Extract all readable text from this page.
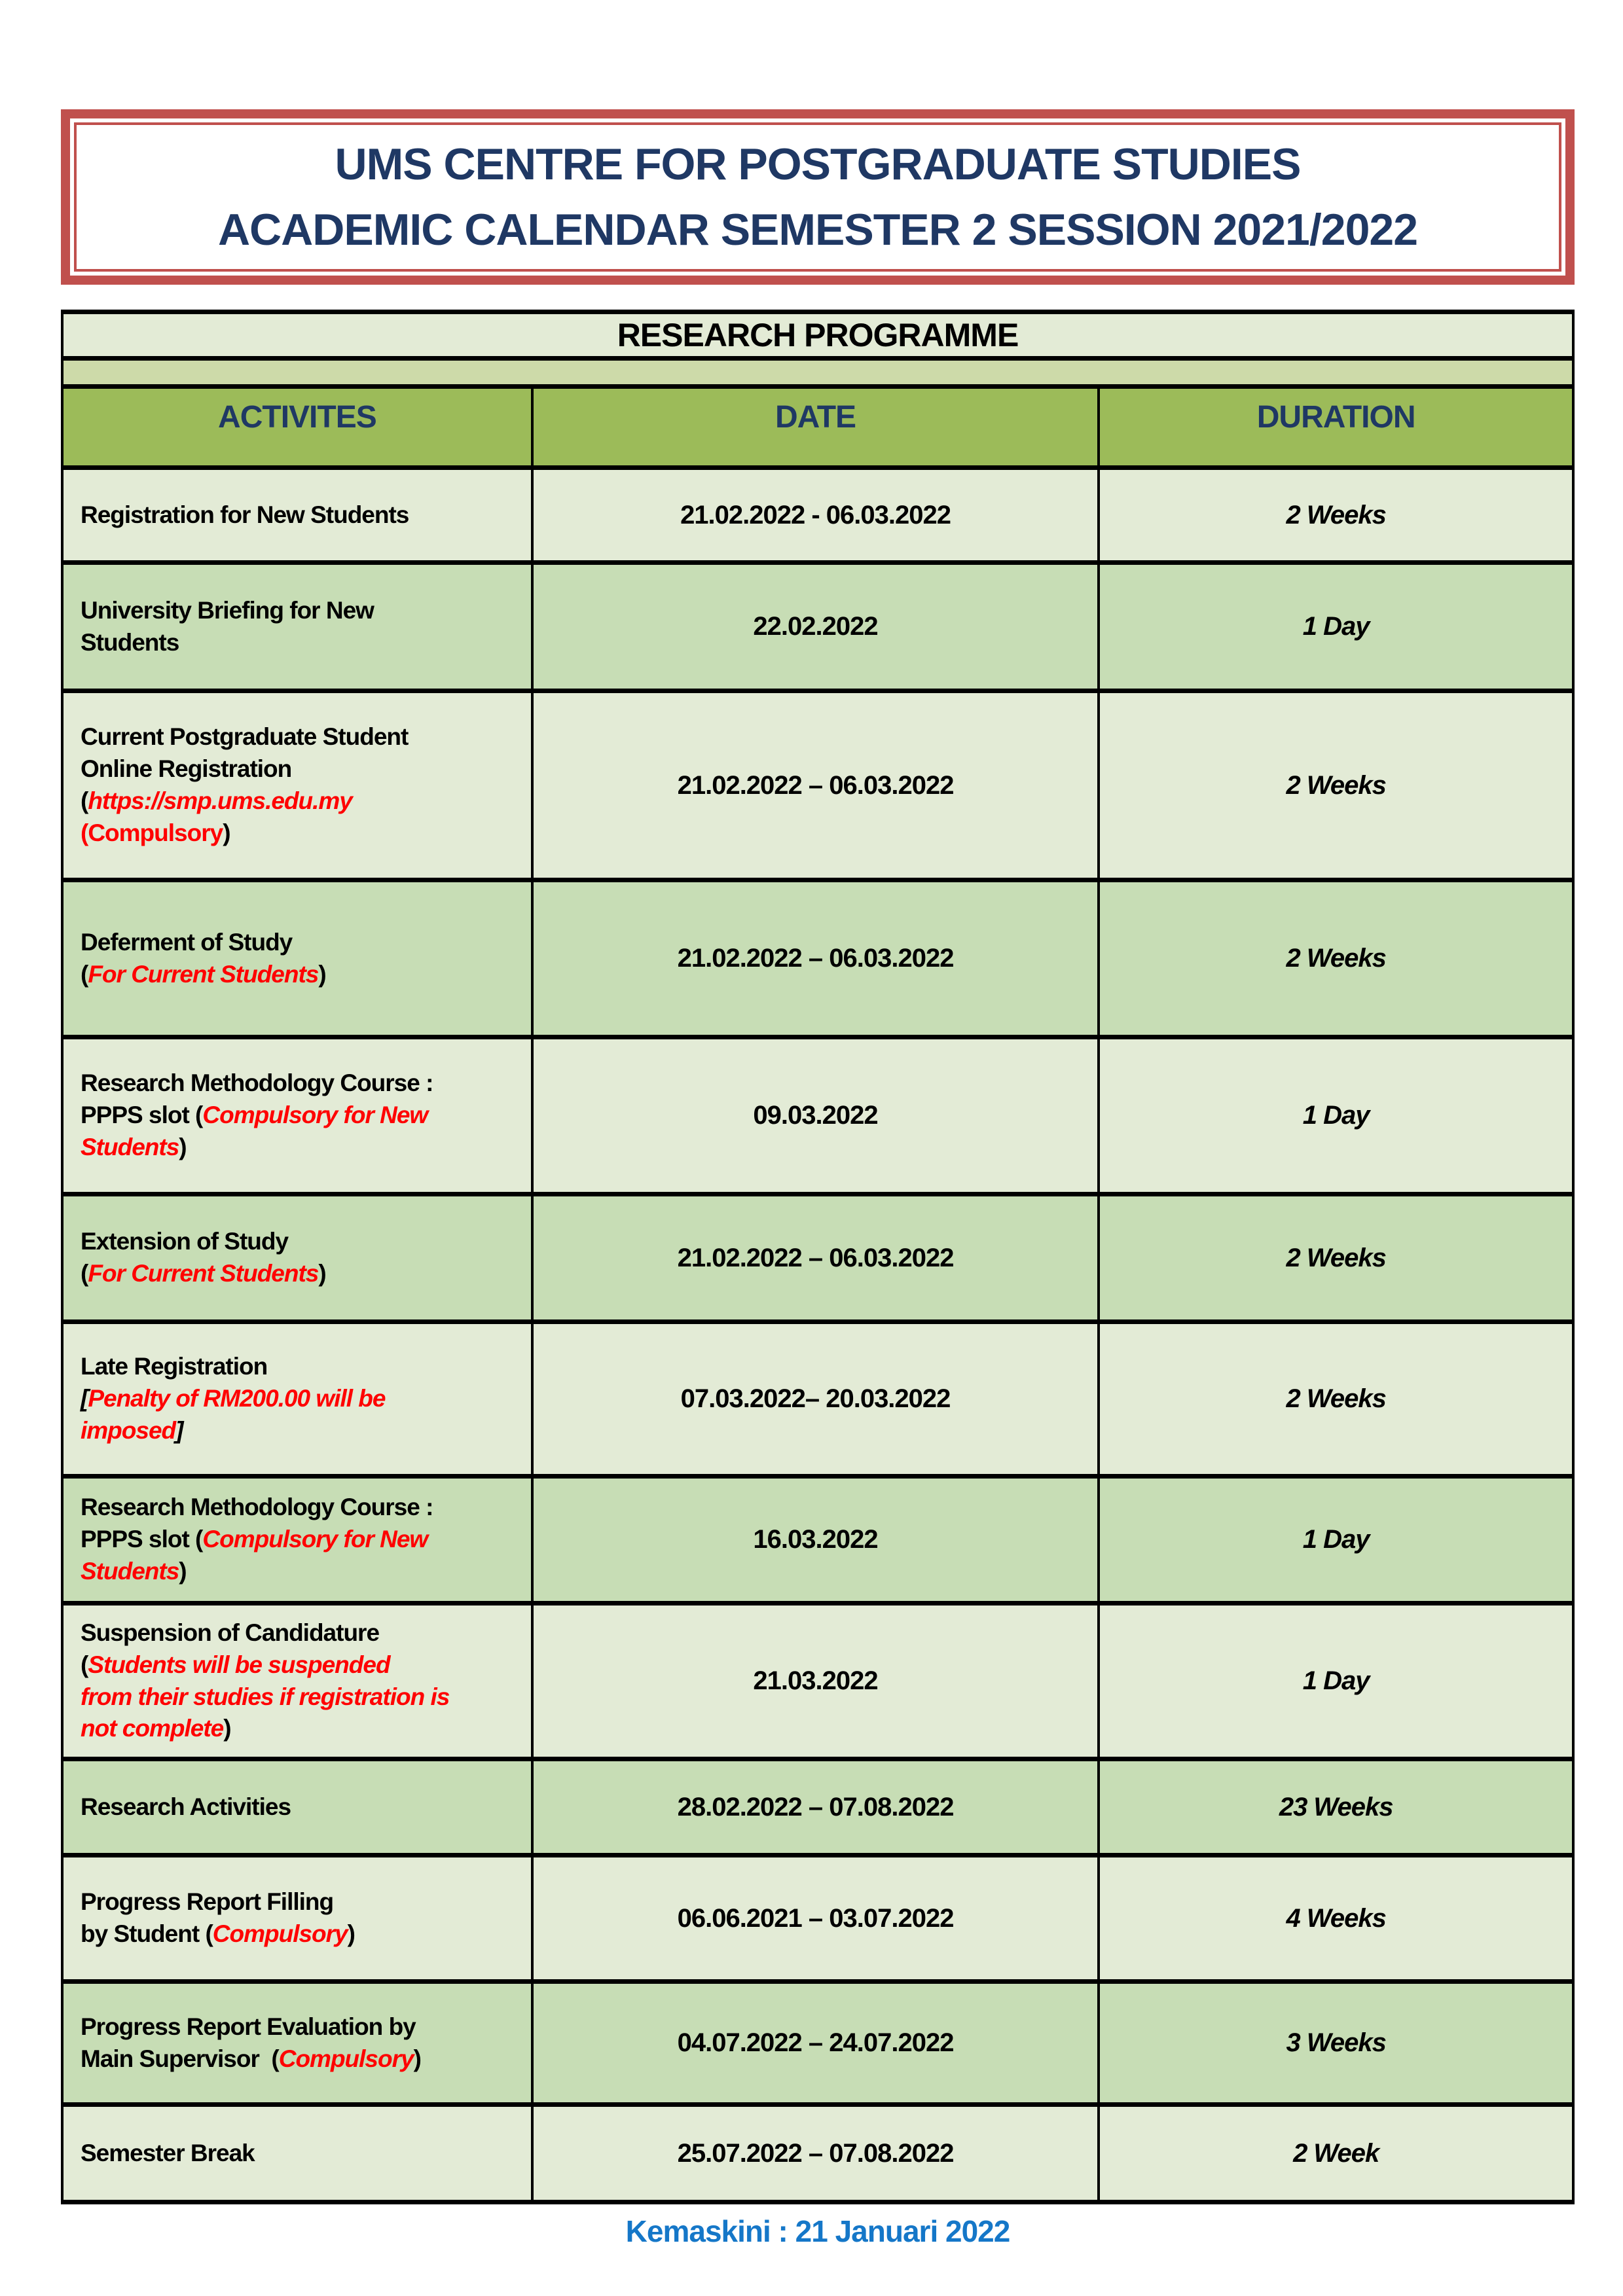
UMS CENTRE FOR POSTGRADUATE STUDIES
ACADEMIC CALENDAR SEMESTER 2 SESSION 2021/2022
RESEARCH PROGRAMME		

ACTIVITES	DATE	DURATION

Registration for New Students	21.02.2022 - 06.03.2022	2 Weeks

University Briefing for New
Students	22.02.2022	1 Day

Current Postgraduate Student
Online Registration
(https://smp.ums.edu.my
(Compulsory)	21.02.2022 – 06.03.2022	2 Weeks

Deferment of Study
(For Current Students)	21.02.2022 – 06.03.2022	2 Weeks

Research Methodology Course :
PPPS slot (Compulsory for New
Students)	09.03.2022	1 Day

Extension of Study
(For Current Students)	21.02.2022 – 06.03.2022	2 Weeks

Late Registration
[Penalty of RM200.00 will be
imposed]	07.03.2022– 20.03.2022	2 Weeks

Research Methodology Course :
PPPS slot (Compulsory for New
Students)	16.03.2022	1 Day

Suspension of Candidature
(Students will be suspended
from their studies if registration is
not complete)	21.03.2022	1 Day

Research Activities	28.02.2022 – 07.08.2022	23 Weeks

Progress Report Filling
by Student (Compulsory)	06.06.2021 – 03.07.2022	4 Weeks

Progress Report Evaluation by
Main Supervisor  (Compulsory)	04.07.2022 – 24.07.2022	3 Weeks

Semester Break	25.07.2022 – 07.08.2022	2 Week
Kemaskini : 21 Januari 2022
